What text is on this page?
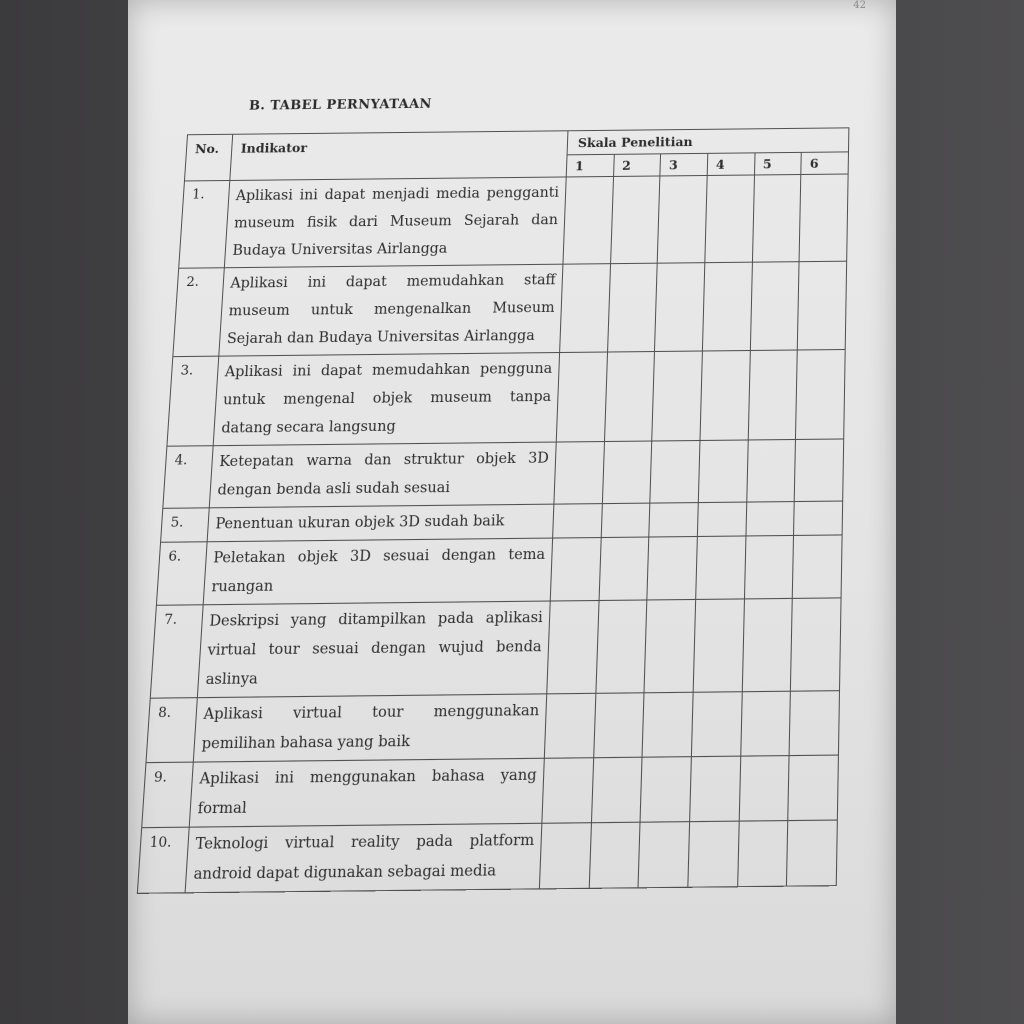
42
B. TABEL PERNYATAAN
No.	Indikator	Skala Penelitian					
		1	2	3	4	5	6
1.	Aplikasi ini dapat menjadi media pengganti museum fisik dari Museum Sejarah dan Budaya Universitas Airlangga						
2.	Aplikasi ini dapat memudahkan staff museum untuk mengenalkan Museum Sejarah dan Budaya Universitas Airlangga						
3.	Aplikasi ini dapat memudahkan pengguna untuk mengenal objek museum tanpa datang secara langsung						
4.	Ketepatan warna dan struktur objek 3D dengan benda asli sudah sesuai						
5.	Penentuan ukuran objek 3D sudah baik						
6.	Peletakan objek 3D sesuai dengan tema ruangan						
7.	Deskripsi yang ditampilkan pada aplikasi virtual tour sesuai dengan wujud benda aslinya						
8.	Aplikasi virtual tour menggunakan pemilihan bahasa yang baik						
9.	Aplikasi ini menggunakan bahasa yang formal						
10.	Teknologi virtual reality pada platform android dapat digunakan sebagai media						
